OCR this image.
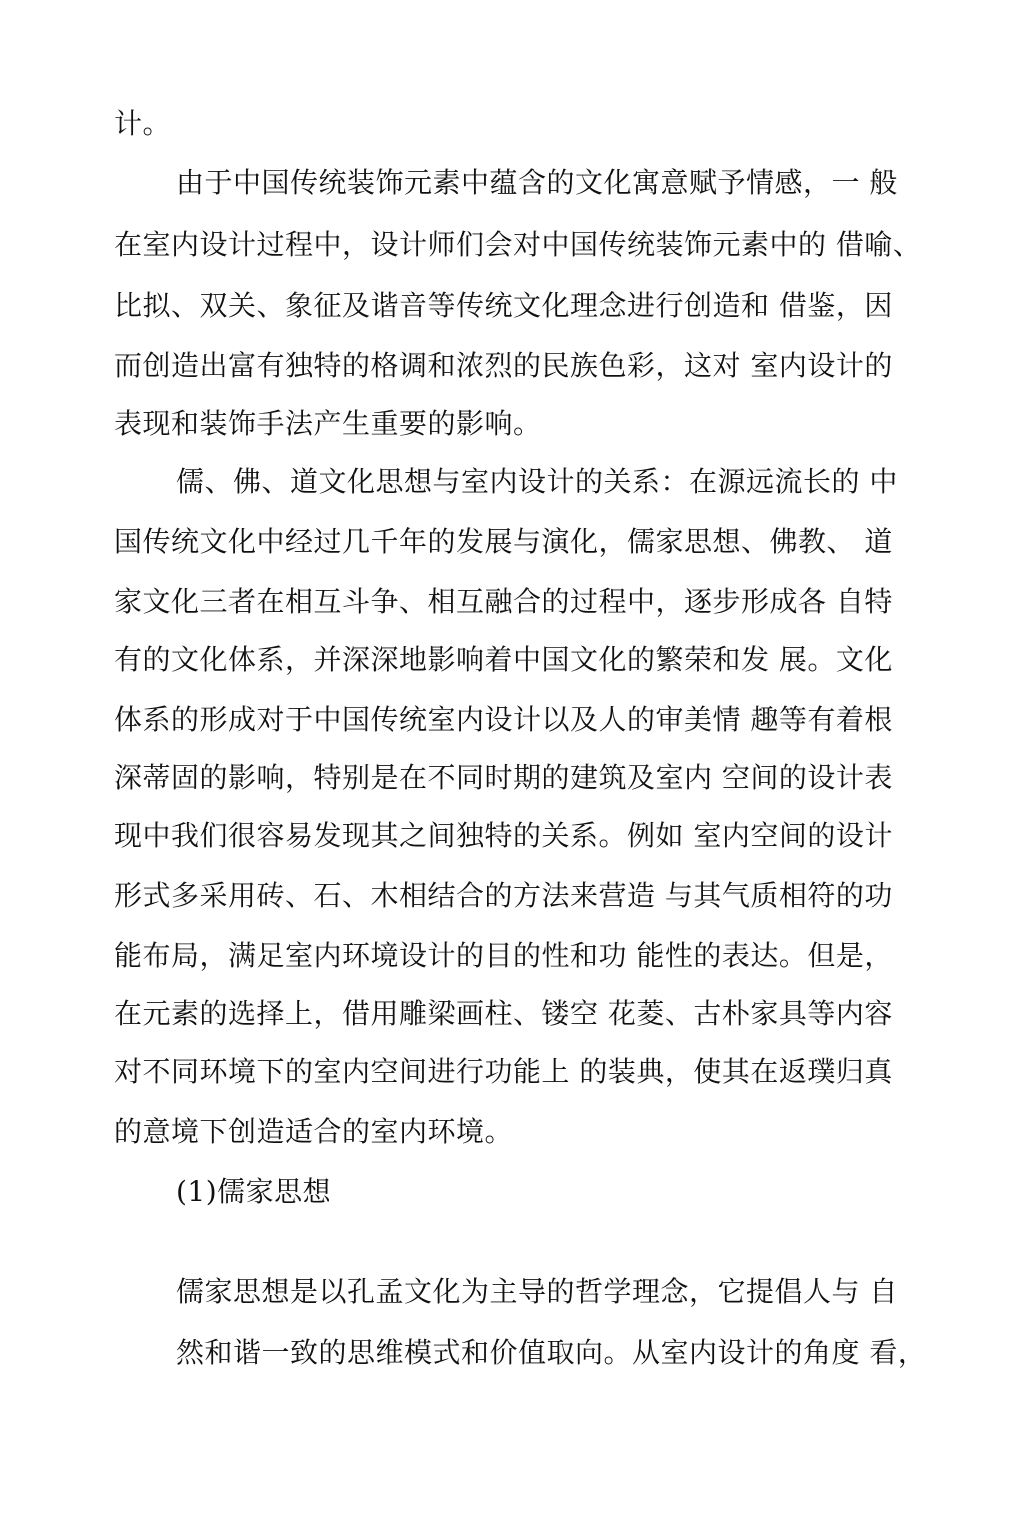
计。
由于中国传统装饰元素中蕴含的文化寓意赋予情感，一 般
在室内设计过程中，设计师们会对中国传统装饰元素中的 借喻、
比拟、双关、象征及谐音等传统文化理念进行创造和 借鉴，因
而创造出富有独特的格调和浓烈的民族色彩，这对 室内设计的
表现和装饰手法产生重要的影响。
儒、佛、道文化思想与室内设计的关系：在源远流长的 中
国传统文化中经过几千年的发展与演化，儒家思想、佛教、 道
家文化三者在相互斗争、相互融合的过程中，逐步形成各 自特
有的文化体系，并深深地影响着中国文化的繁荣和发 展。文化
体系的形成对于中国传统室内设计以及人的审美情 趣等有着根
深蒂固的影响，特别是在不同时期的建筑及室内 空间的设计表
现中我们很容易发现其之间独特的关系。例如 室内空间的设计
形式多采用砖、石、木相结合的方法来营造 与其气质相符的功
能布局，满足室内环境设计的目的性和功 能性的表达。但是，
在元素的选择上，借用雕梁画柱、镂空 花菱、古朴家具等内容
对不同环境下的室内空间进行功能上 的装典，使其在返璞归真
的意境下创造适合的室内环境。
(1)儒家思想
儒家思想是以孔孟文化为主导的哲学理念，它提倡人与 自
然和谐一致的思维模式和价值取向。从室内设计的角度 看，
